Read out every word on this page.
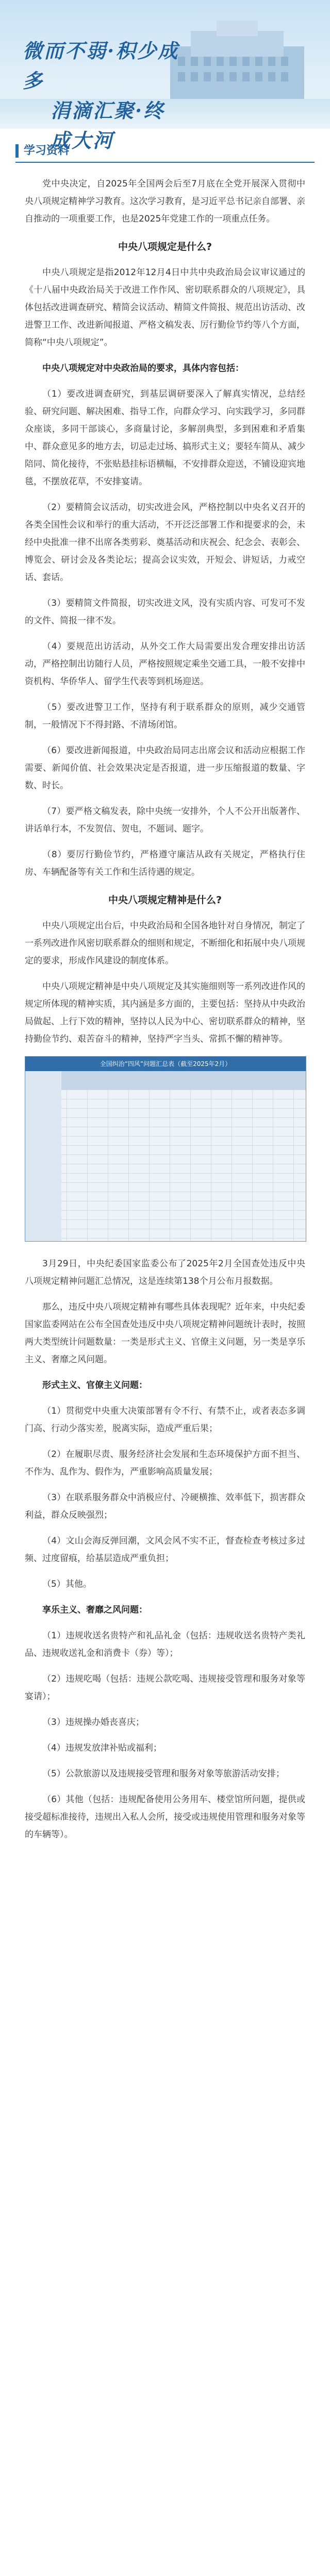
微而不弱·积少成多
涓滴汇聚·终成大河
学习资料

党中央决定，自2025年全国两会后至7月底在全党开展深入贯彻中央八项规定精神学习教育。这次学习教育，是习近平总书记亲自部署、亲自推动的一项重要工作，也是2025年党建工作的一项重点任务。

中央八项规定是什么?

中央八项规定是指2012年12月4日中共中央政治局会议审议通过的《十八届中央政治局关于改进工作作风、密切联系群众的八项规定》，具体包括改进调查研究、精简会议活动、精简文件简报、规范出访活动、改进警卫工作、改进新闻报道、严格文稿发表、厉行勤俭节约等八个方面，简称“中央八项规定”。

中央八项规定对中央政治局的要求，具体内容包括：

（1）要改进调查研究，到基层调研要深入了解真实情况，总结经验、研究问题、解决困难、指导工作，向群众学习、向实践学习，多同群众座谈，多同干部谈心，多商量讨论，多解剖典型，多到困难和矛盾集中、群众意见多的地方去，切忌走过场、搞形式主义；要轻车简从、减少陪同、简化接待，不张贴悬挂标语横幅，不安排群众迎送，不铺设迎宾地毯，不摆放花草，不安排宴请。

（2）要精简会议活动，切实改进会风，严格控制以中央名义召开的各类全国性会议和举行的重大活动，不开泛泛部署工作和提要求的会，未经中央批准一律不出席各类剪彩、奠基活动和庆祝会、纪念会、表彰会、博览会、研讨会及各类论坛；提高会议实效，开短会、讲短话，力戒空话、套话。

（3）要精简文件简报，切实改进文风，没有实质内容、可发可不发的文件、简报一律不发。

（4）要规范出访活动，从外交工作大局需要出发合理安排出访活动，严格控制出访随行人员，严格按照规定乘坐交通工具，一般不安排中资机构、华侨华人、留学生代表等到机场迎送。

（5）要改进警卫工作，坚持有利于联系群众的原则，减少交通管制，一般情况下不得封路、不清场闭馆。

（6）要改进新闻报道，中央政治局同志出席会议和活动应根据工作需要、新闻价值、社会效果决定是否报道，进一步压缩报道的数量、字数、时长。

（7）要严格文稿发表，除中央统一安排外，个人不公开出版著作、讲话单行本，不发贺信、贺电，不题词、题字。

（8）要厉行勤俭节约，严格遵守廉洁从政有关规定，严格执行住房、车辆配备等有关工作和生活待遇的规定。

中央八项规定精神是什么?

中央八项规定出台后，中央政治局和全国各地针对自身情况，制定了一系列改进作风密切联系群众的细则和规定，不断细化和拓展中央八项规定的要求，形成作风建设的制度体系。

中央八项规定精神是中央八项规定及其实施细则等一系列改进作风的规定所体现的精神实质，其内涵是多方面的，主要包括：坚持从中央政治局做起、上行下效的精神，坚持以人民为中心、密切联系群众的精神，坚持勤俭节约、艰苦奋斗的精神，坚持严字当头、常抓不懈的精神等。

全国纠治“四风”问题汇总表（截至2025年2月）

3月29日，中央纪委国家监委公布了2025年2月全国查处违反中央八项规定精神问题汇总情况，这是连续第138个月公布月报数据。

那么，违反中央八项规定精神有哪些具体表现呢？近年来，中央纪委国家监委网站在公布全国查处违反中央八项规定精神问题统计表时，按照两大类型统计问题数量：一类是形式主义、官僚主义问题，另一类是享乐主义、奢靡之风问题。

形式主义、官僚主义问题：

（1）贯彻党中央重大决策部署有令不行、有禁不止，或者表态多调门高、行动少落实差，脱离实际，造成严重后果；

（2）在履职尽责、服务经济社会发展和生态环境保护方面不担当、不作为、乱作为、假作为，严重影响高质量发展；

（3）在联系服务群众中消极应付、冷硬横推、效率低下，损害群众利益，群众反映强烈；

（4）文山会海反弹回潮，文风会风不实不正，督查检查考核过多过频、过度留痕，给基层造成严重负担；

（5）其他。

享乐主义、奢靡之风问题：

（1）违规收送名贵特产和礼品礼金（包括：违规收送名贵特产类礼品、违规收送礼金和消费卡（券）等）；

（2）违规吃喝（包括：违规公款吃喝、违规接受管理和服务对象等宴请）；

（3）违规操办婚丧喜庆；

（4）违规发放津补贴或福利；

（5）公款旅游以及违规接受管理和服务对象等旅游活动安排；

（6）其他（包括：违规配备使用公务用车、楼堂馆所问题，提供或接受超标准接待，违规出入私人会所，接受或违规使用管理和服务对象等的车辆等）。
